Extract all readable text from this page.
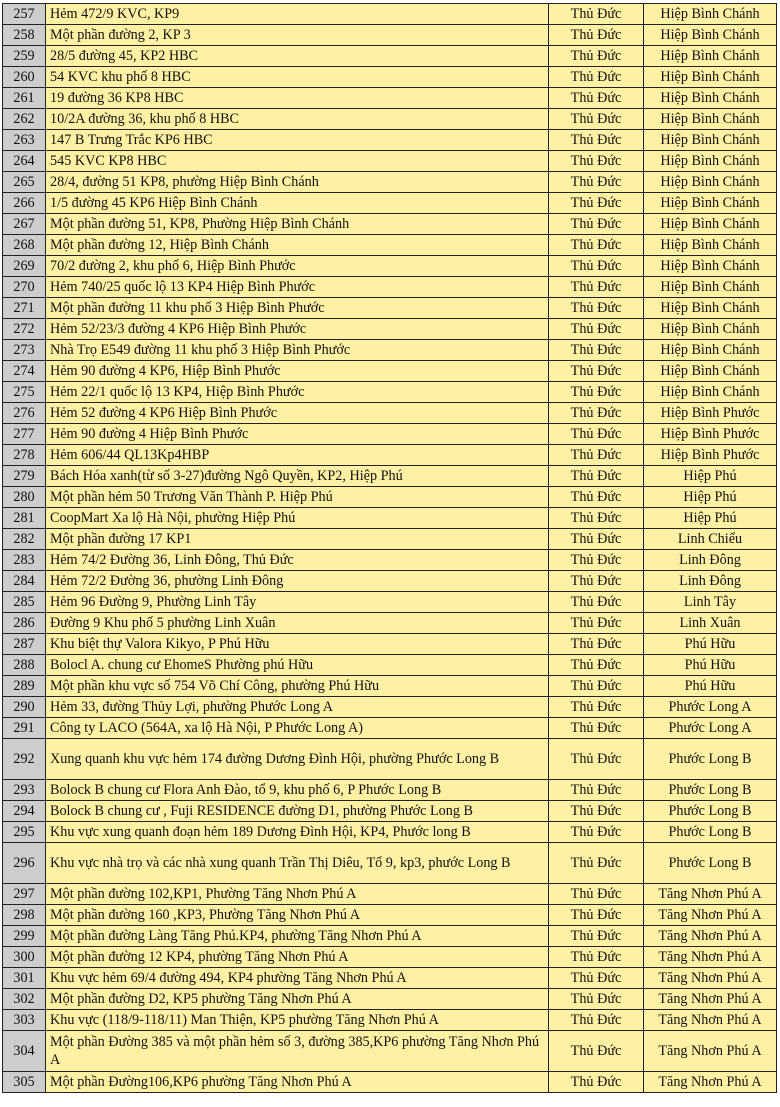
257	Hẻm 472/9 KVC, KP9	Thủ Đức	Hiệp Bình Chánh
258	Một phần đường 2, KP 3	Thủ Đức	Hiệp Bình Chánh
259	28/5 đường 45, KP2 HBC	Thủ Đức	Hiệp Bình Chánh
260	54 KVC khu phố 8 HBC	Thủ Đức	Hiệp Bình Chánh
261	19 đường 36 KP8 HBC	Thủ Đức	Hiệp Bình Chánh
262	10/2A đường 36, khu phố 8 HBC	Thủ Đức	Hiệp Bình Chánh
263	147 B Trưng Trắc KP6 HBC	Thủ Đức	Hiệp Bình Chánh
264	545 KVC KP8 HBC	Thủ Đức	Hiệp Bình Chánh
265	28/4, đường 51 KP8, phường Hiệp Bình Chánh	Thủ Đức	Hiệp Bình Chánh
266	1/5 đường 45 KP6 Hiệp Bình Chánh	Thủ Đức	Hiệp Bình Chánh
267	Một phần đường 51, KP8, Phường Hiệp Bình Chánh	Thủ Đức	Hiệp Bình Chánh
268	Một phần đường 12, Hiệp Bình Chánh	Thủ Đức	Hiệp Bình Chánh
269	70/2 đường 2, khu phố 6, Hiệp Bình Phước	Thủ Đức	Hiệp Bình Chánh
270	Hẻm 740/25 quốc lộ 13 KP4 Hiệp Bình Phước	Thủ Đức	Hiệp Bình Chánh
271	Một phần đường 11 khu phố 3 Hiệp Bình Phước	Thủ Đức	Hiệp Bình Chánh
272	Hẻm 52/23/3 đường 4 KP6 Hiệp Bình Phước	Thủ Đức	Hiệp Bình Chánh
273	Nhà Trọ E549 đường 11 khu phố 3 Hiệp Bình Phước	Thủ Đức	Hiệp Bình Chánh
274	Hẻm 90 đường 4 KP6, Hiệp Bình Phước	Thủ Đức	Hiệp Bình Chánh
275	Hẻm 22/1 quốc lộ 13 KP4, Hiệp Bình Phước	Thủ Đức	Hiệp Bình Chánh
276	Hẻm 52 đường 4 KP6 Hiệp Bình Phước	Thủ Đức	Hiệp Bình Phước
277	Hẻm 90 đường 4 Hiệp Bình Phước	Thủ Đức	Hiệp Bình Phước
278	Hẻm 606/44 QL13Kp4HBP	Thủ Đức	Hiệp Bình Phước
279	Bách Hóa xanh(từ số 3-27)đường Ngô Quyền, KP2, Hiệp Phú	Thủ Đức	Hiệp Phú
280	Một phần hẻm 50 Trương Văn Thành P. Hiệp Phú	Thủ Đức	Hiệp Phú
281	CoopMart Xa lộ Hà Nội, phường Hiệp Phú	Thủ Đức	Hiệp Phú
282	Một phần đường 17 KP1	Thủ Đức	Linh Chiểu
283	Hẻm 74/2 Đường 36, Linh Đông, Thủ Đức	Thủ Đức	Linh Đông
284	Hẻm 72/2 Đường 36, phường Linh Đông	Thủ Đức	Linh Đông
285	Hẻm 96 Đường 9, Phường Linh Tây	Thủ Đức	Linh Tây
286	Đường 9 Khu phố 5 phường Linh Xuân	Thủ Đức	Linh Xuân
287	Khu biệt thự Valora Kikyo, P Phú Hữu	Thủ Đức	Phú Hữu
288	Bolocl A. chung cư EhomeS Phường phú Hữu	Thủ Đức	Phú Hữu
289	Một phần khu vực số 754 Võ Chí Công, phường Phú Hữu	Thủ Đức	Phú Hữu
290	Hẻm 33, đường Thủy Lợi, phường Phước Long A	Thủ Đức	Phước Long A
291	Công ty LACO (564A, xa lộ Hà Nội, P Phước Long A)	Thủ Đức	Phước Long A
292	Xung quanh khu vực hẻm 174 đường Dương Đình Hội, phường Phước Long B	Thủ Đức	Phước Long B
293	Bolock B chung cư Flora Anh Đào, tổ 9, khu phố 6, P Phước Long B	Thủ Đức	Phước Long B
294	Bolock B chung cư , Fuji RESIDENCE đường D1, phường Phước Long B	Thủ Đức	Phước Long B
295	Khu vực xung quanh đoạn hẻm 189 Dương Đình Hội, KP4, Phước long B	Thủ Đức	Phước Long B
296	Khu vực nhà trọ và các nhà xung quanh Trần Thị Diêu, Tổ 9, kp3, phước Long B	Thủ Đức	Phước Long B
297	Một phần đường 102,KP1, Phường Tăng Nhơn Phú A	Thủ Đức	Tăng Nhơn Phú A
298	Một phần đường 160 ,KP3, Phường Tăng Nhơn Phú A	Thủ Đức	Tăng Nhơn Phú A
299	Một phần đường Làng Tăng Phú.KP4, phường Tăng Nhơn Phú A	Thủ Đức	Tăng Nhơn Phú A
300	Một phần đường 12 KP4, phường Tăng Nhơn Phú A	Thủ Đức	Tăng Nhơn Phú A
301	Khu vực hẻm 69/4 đường 494, KP4 phường Tăng Nhơn Phú A	Thủ Đức	Tăng Nhơn Phú A
302	Một phần đường D2, KP5 phường Tăng Nhơn Phú A	Thủ Đức	Tăng Nhơn Phú A
303	Khu vực (118/9-118/11) Man Thiện, KP5 phường Tăng Nhơn Phú A	Thủ Đức	Tăng Nhơn Phú A
304	Một phần Đường 385 và một phần hẻm số 3, đường 385,KP6 phường Tăng Nhơn Phú A	Thủ Đức	Tăng Nhơn Phú A
305	Một phần Đường106,KP6 phường Tăng Nhơn Phú A	Thủ Đức	Tăng Nhơn Phú A
